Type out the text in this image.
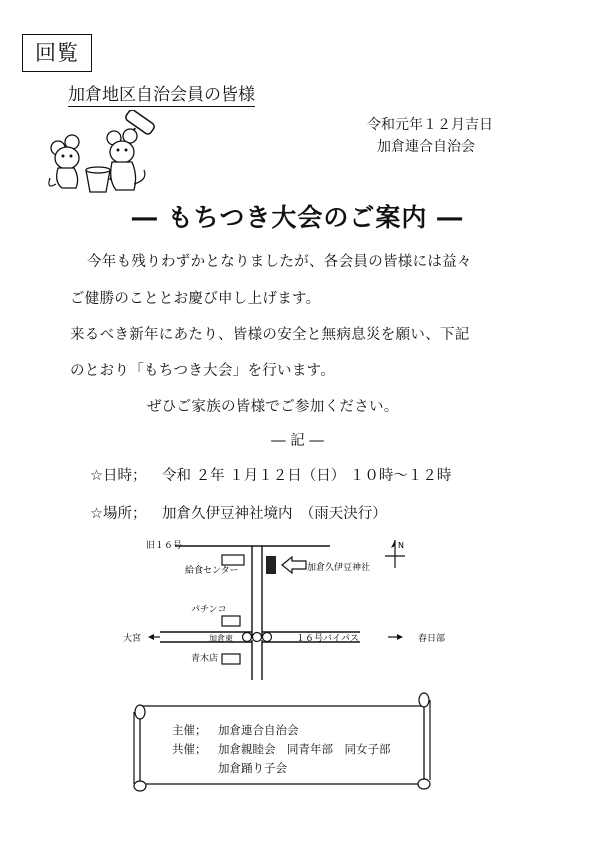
回覧
加倉地区自治会員の皆様
令和元年１２月吉日
加倉連合自治会
― もちつき大会のご案内 ―
今年も残りわずかとなりましたが、各会員の皆様には益々
ご健勝のこととお慶び申し上げます。
来るべき新年にあたり、皆様の安全と無病息災を願い、下記
のとおり「もちつき大会」を行います。
ぜひご家族の皆様でご参加ください。
― 記 ―
☆日時； 令和 ２年 １月１２日（日） １０時～１２時
☆場所； 加倉久伊豆神社境内　（雨天決行）
N
旧１６号
給食センター	加倉久伊豆神社
パチンコ
大宮	加倉東	１６号バイパス	春日部
青木店
主催； 加倉連合自治会
共催； 加倉親睦会　同青年部　同女子部
加倉踊り子会
